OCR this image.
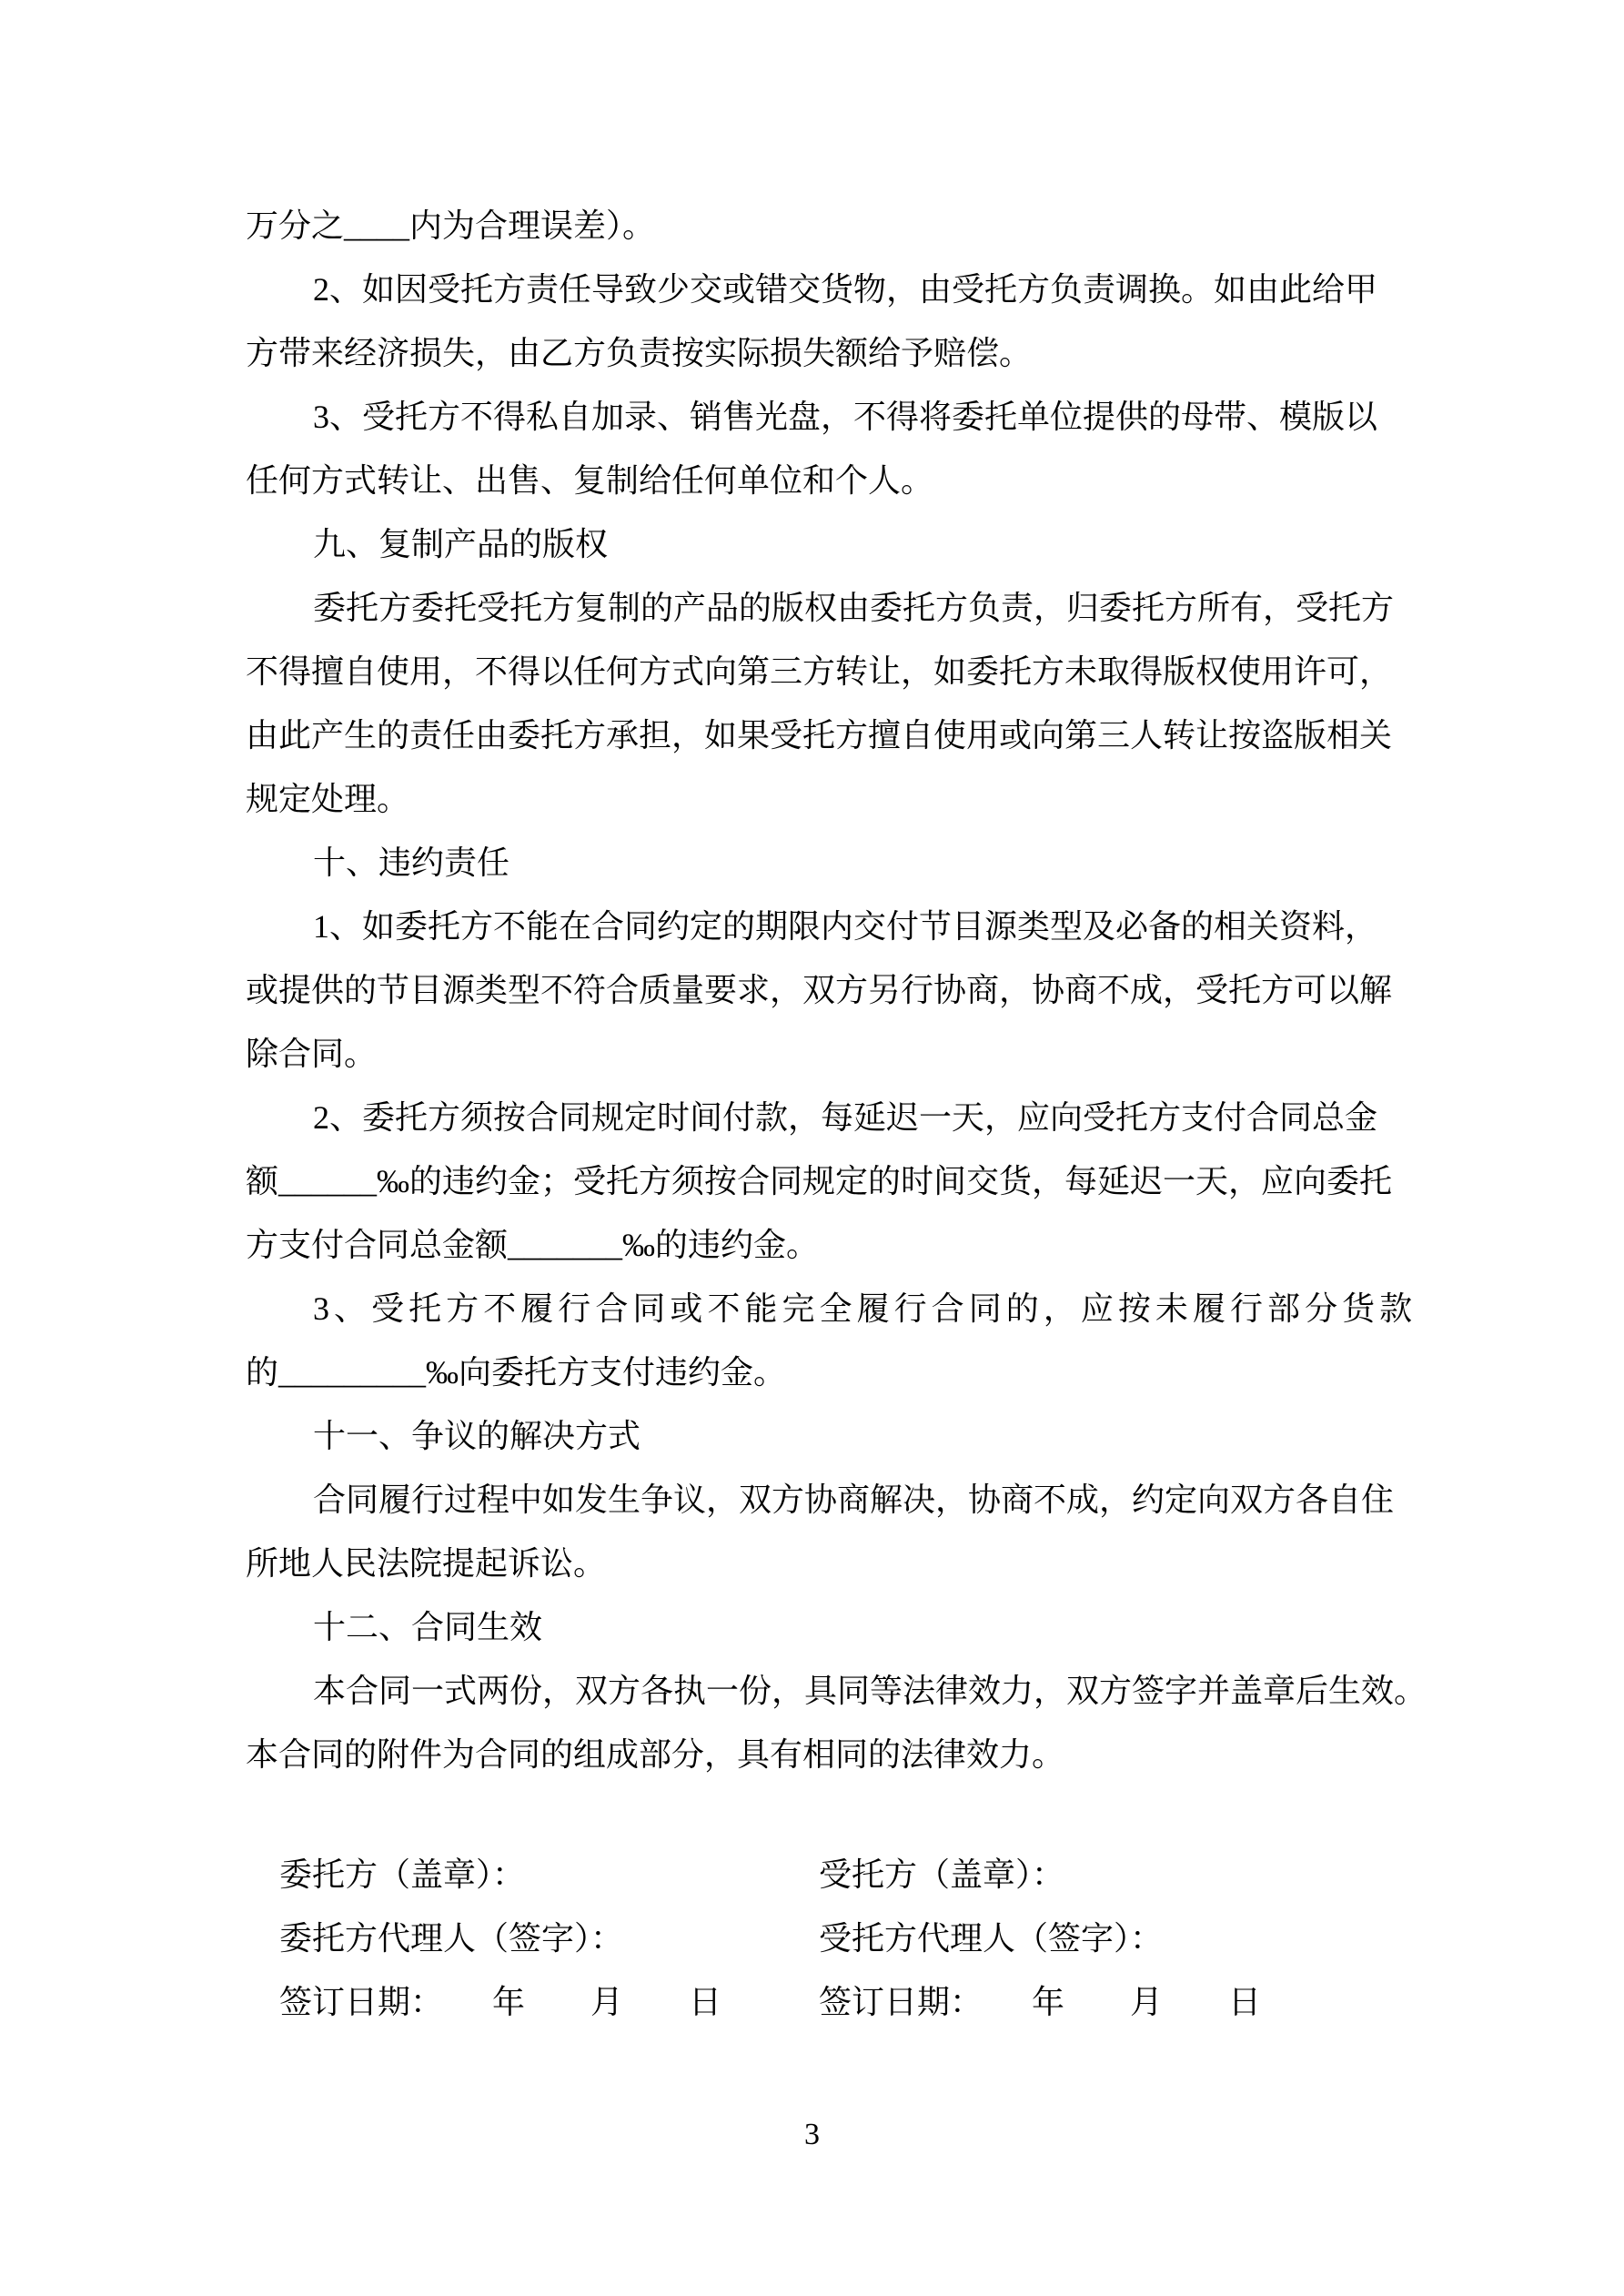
万分之____内为合理误差）。
2、如因受托方责任导致少交或错交货物，由受托方负责调换。如由此给甲
方带来经济损失，由乙方负责按实际损失额给予赔偿。
3、受托方不得私自加录、销售光盘，不得将委托单位提供的母带、模版以
任何方式转让、出售、复制给任何单位和个人。
九、复制产品的版权
委托方委托受托方复制的产品的版权由委托方负责，归委托方所有，受托方
不得擅自使用，不得以任何方式向第三方转让，如委托方未取得版权使用许可，
由此产生的责任由委托方承担，如果受托方擅自使用或向第三人转让按盗版相关
规定处理。
十、违约责任
1、如委托方不能在合同约定的期限内交付节目源类型及必备的相关资料，
或提供的节目源类型不符合质量要求，双方另行协商，协商不成，受托方可以解
除合同。
2、委托方须按合同规定时间付款，每延迟一天，应向受托方支付合同总金
额______‰的违约金；受托方须按合同规定的时间交货，每延迟一天，应向委托
方支付合同总金额_______‰的违约金。
3、受托方不履行合同或不能完全履行合同的，应按未履行部分货款
的_________‰向委托方支付违约金。
十一、争议的解决方式
合同履行过程中如发生争议，双方协商解决，协商不成，约定向双方各自住
所地人民法院提起诉讼。
十二、合同生效
本合同一式两份，双方各执一份，具同等法律效力，双方签字并盖章后生效。
本合同的附件为合同的组成部分，具有相同的法律效力。
委托方（盖章）：	受托方（盖章）：
委托方代理人（签字）：	受托方代理人（签字）：
签订日期：　　年　　月　　日	签订日期：　　年　　月　　日
3
